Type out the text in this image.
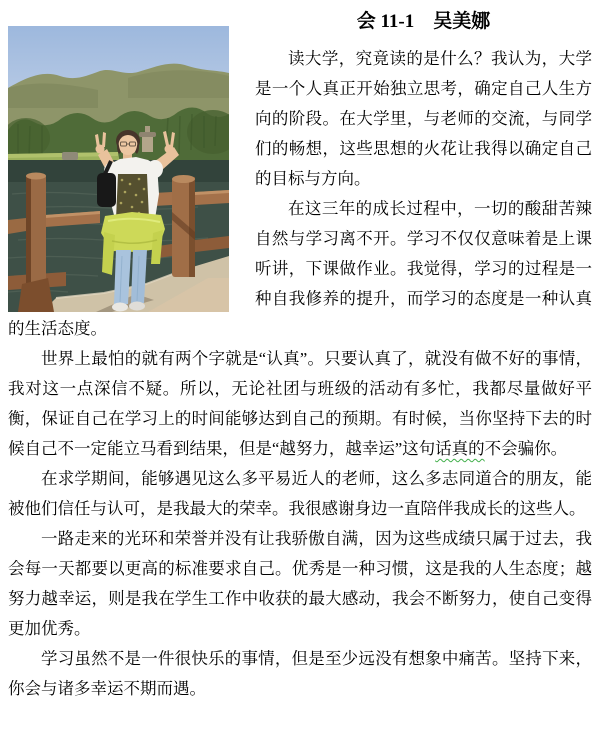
会 11-1　吴美娜

读大学，究竟读的是什么？我认为，大学是一个人真正开始独立思考，确定自己人生方向的阶段。在大学里，与老师的交流，与同学们的畅想，这些思想的火花让我得以确定自己的目标与方向。

在这三年的成长过程中，一切的酸甜苦辣自然与学习离不开。学习不仅仅意味着是上课听讲，下课做作业。我觉得，学习的过程是一种自我修养的提升，而学习的态度是一种认真的生活态度。

世界上最怕的就有两个字就是“认真”。只要认真了，就没有做不好的事情，我对这一点深信不疑。所以，无论社团与班级的活动有多忙，我都尽量做好平衡，保证自己在学习上的时间能够达到自己的预期。有时候，当你坚持下去的时候自己不一定能立马看到结果，但是“越努力，越幸运”这句话真的不会骗你。

在求学期间，能够遇见这么多平易近人的老师，这么多志同道合的朋友，能被他们信任与认可，是我最大的荣幸。我很感谢身边一直陪伴我成长的这些人。

一路走来的光环和荣誉并没有让我骄傲自满，因为这些成绩只属于过去，我会每一天都要以更高的标准要求自己。优秀是一种习惯，这是我的人生态度；越努力越幸运，则是我在学生工作中收获的最大感动，我会不断努力，使自己变得更加优秀。

学习虽然不是一件很快乐的事情，但是至少远没有想象中痛苦。坚持下来，你会与诸多幸运不期而遇。
